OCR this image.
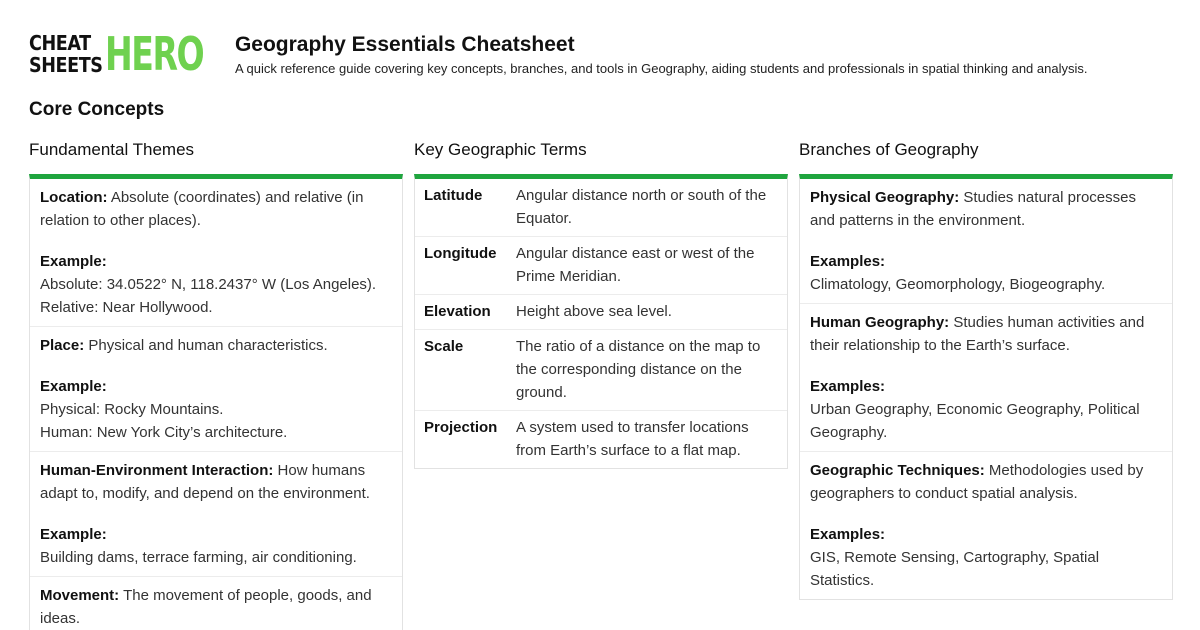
CHEAT
SHEETS HERO Geography Essentials Cheatsheet
A quick reference guide covering key concepts, branches, and tools in Geography, aiding students and professionals in spatial thinking and analysis.
Core Concepts
Fundamental Themes
Location: Absolute (coordinates) and relative (in relation to other places).
Example:
Absolute: 34.0522° N, 118.2437° W (Los Angeles).
Relative: Near Hollywood.
Place: Physical and human characteristics.
Example:
Physical: Rocky Mountains.
Human: New York City’s architecture.
Human-Environment Interaction: How humans adapt to, modify, and depend on the environment.
Example:
Building dams, terrace farming, air conditioning.
Movement: The movement of people, goods, and ideas.
Key Geographic Terms
Latitude	Angular distance north or south of the Equator.
Longitude	Angular distance east or west of the Prime Meridian.
Elevation	Height above sea level.
Scale	The ratio of a distance on the map to the corresponding distance on the ground.
Projection	A system used to transfer locations from Earth’s surface to a flat map.
Branches of Geography
Physical Geography: Studies natural processes and patterns in the environment.
Examples:
Climatology, Geomorphology, Biogeography.
Human Geography: Studies human activities and their relationship to the Earth’s surface.
Examples:
Urban Geography, Economic Geography, Political Geography.
Geographic Techniques: Methodologies used by geographers to conduct spatial analysis.
Examples:
GIS, Remote Sensing, Cartography, Spatial Statistics.
